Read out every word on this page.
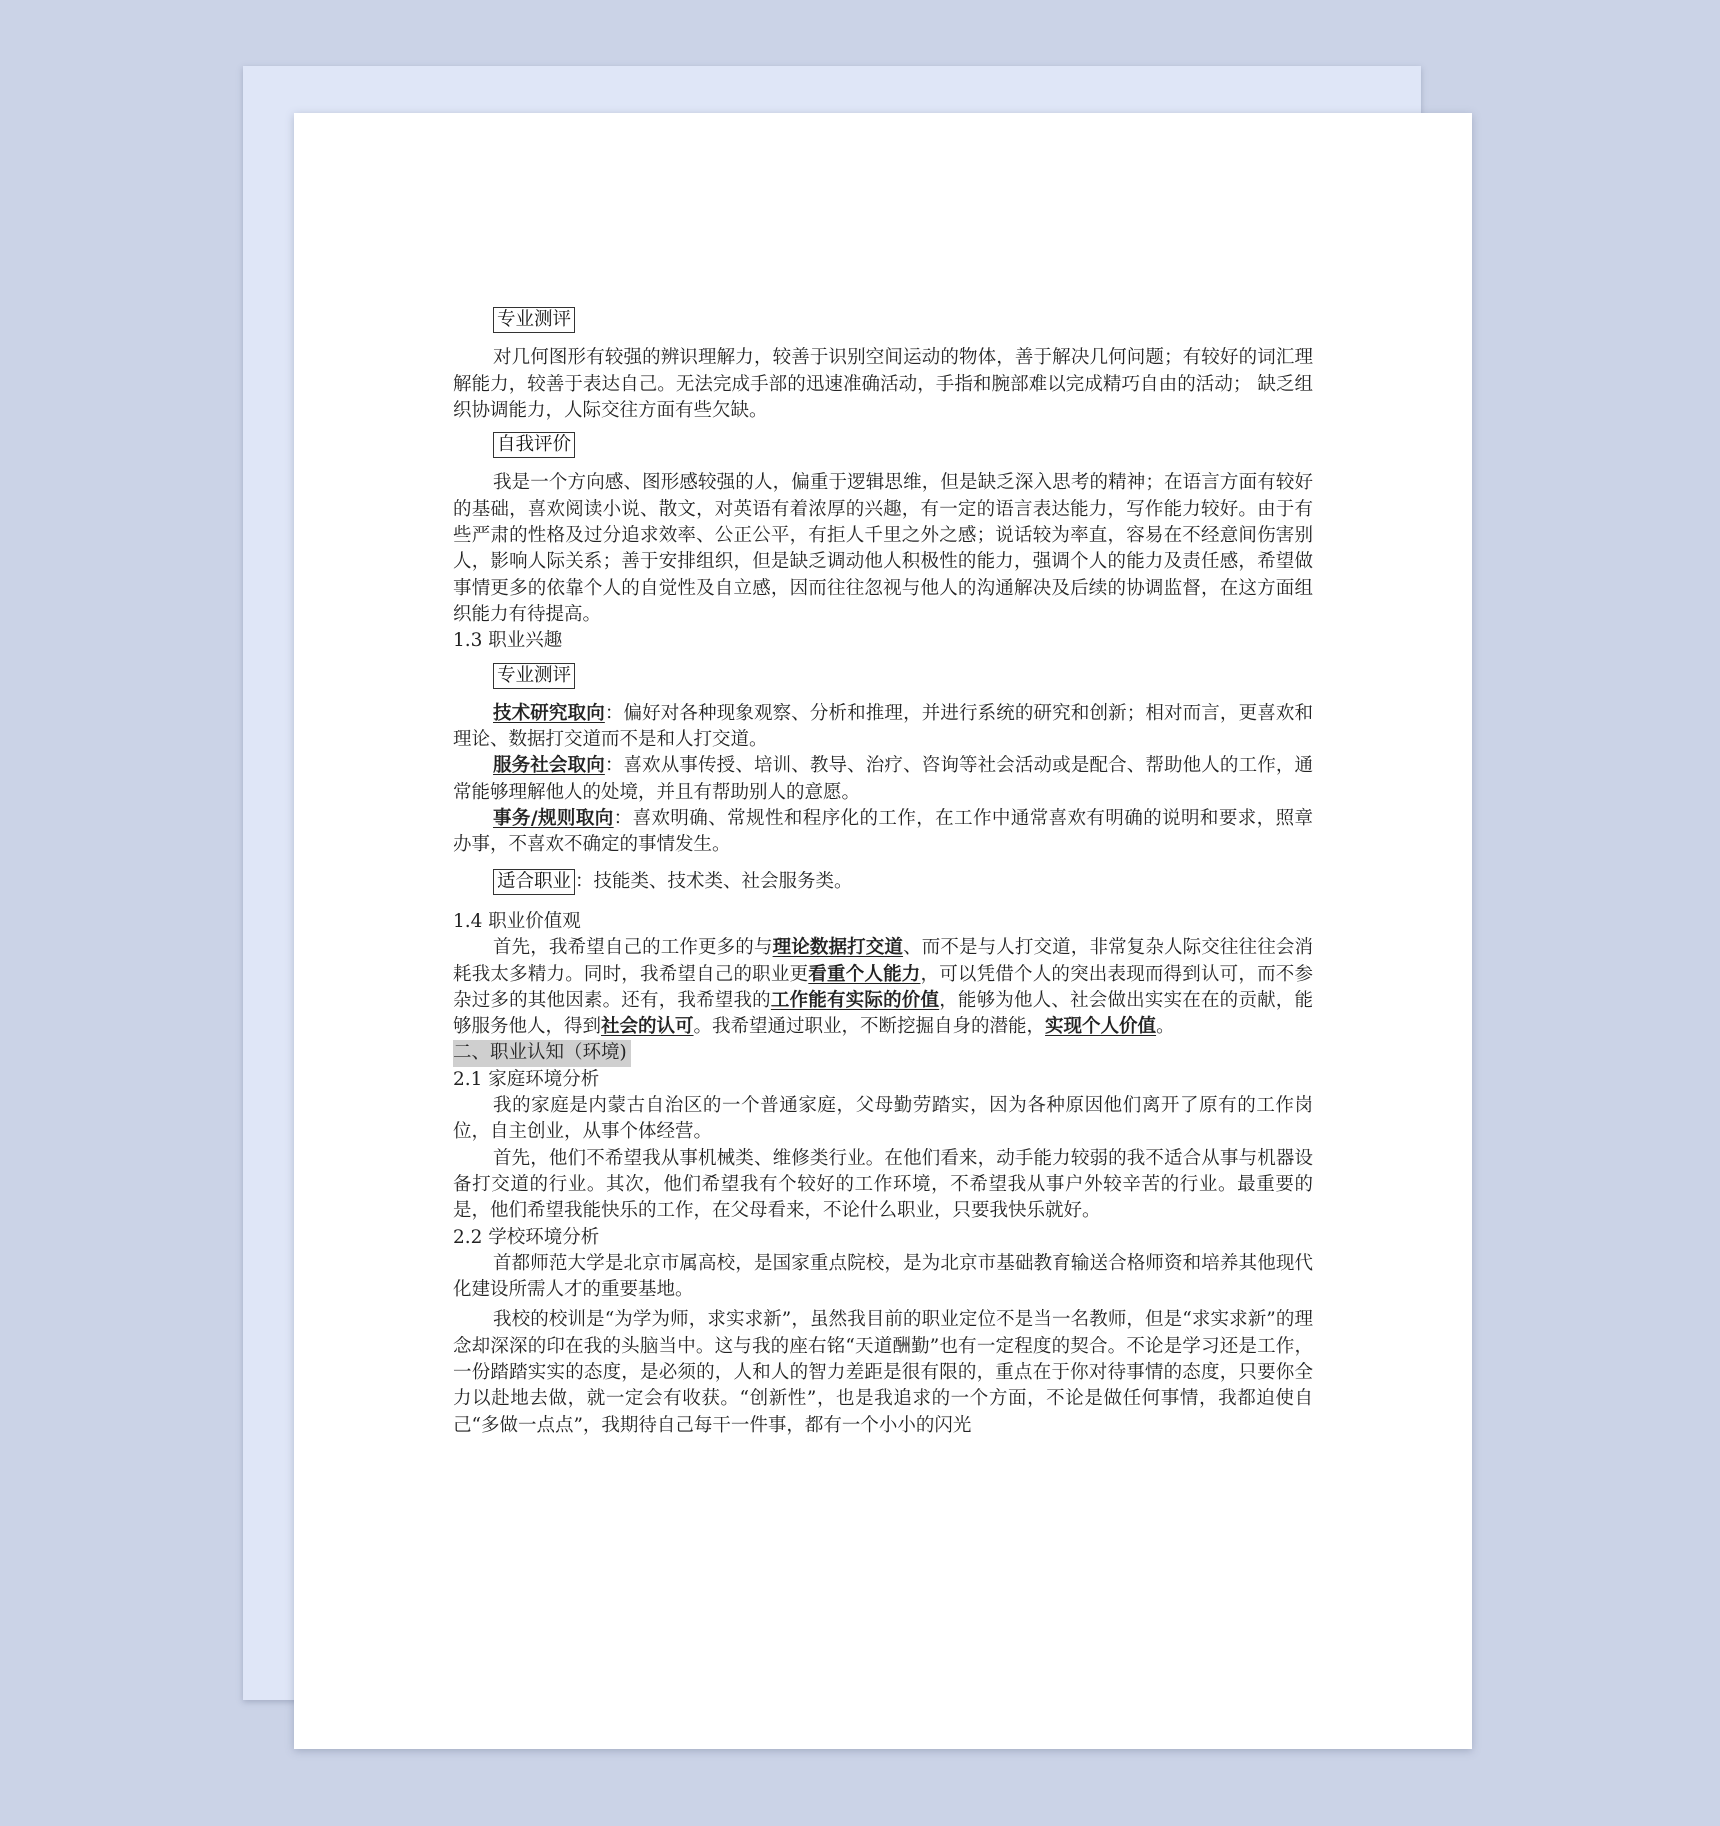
专业测评

对几何图形有较强的辨识理解力，较善于识别空间运动的物体，善于解决几何问题；有较好的词汇理解能力，较善于表达自己。无法完成手部的迅速准确活动，手指和腕部难以完成精巧自由的活动； 缺乏组织协调能力，人际交往方面有些欠缺。

自我评价

我是一个方向感、图形感较强的人，偏重于逻辑思维，但是缺乏深入思考的精神；在语言方面有较好的基础，喜欢阅读小说、散文，对英语有着浓厚的兴趣，有一定的语言表达能力，写作能力较好。由于有些严肃的性格及过分追求效率、公正公平，有拒人千里之外之感；说话较为率直，容易在不经意间伤害别人，影响人际关系；善于安排组织，但是缺乏调动他人积极性的能力，强调个人的能力及责任感，希望做事情更多的依靠个人的自觉性及自立感，因而往往忽视与他人的沟通解决及后续的协调监督，在这方面组织能力有待提高。

1.3 职业兴趣
专业测评

技术研究取向：偏好对各种现象观察、分析和推理，并进行系统的研究和创新；相对而言，更喜欢和理论、数据打交道而不是和人打交道。

服务社会取向：喜欢从事传授、培训、教导、治疗、咨询等社会活动或是配合、帮助他人的工作，通常能够理解他人的处境，并且有帮助别人的意愿。

事务/规则取向：喜欢明确、常规性和程序化的工作，在工作中通常喜欢有明确的说明和要求，照章办事，不喜欢不确定的事情发生。

适合职业 ：技能类、技术类、社会服务类。
1.4 职业价值观

首先，我希望自己的工作更多的与理论数据打交道、而不是与人打交道，非常复杂人际交往往往会消耗我太多精力。同时，我希望自己的职业更看重个人能力，可以凭借个人的突出表现而得到认可，而不参杂过多的其他因素。还有，我希望我的工作能有实际的价值，能够为他人、社会做出实实在在的贡献，能够服务他人，得到社会的认可。我希望通过职业，不断挖掘自身的潜能，实现个人价值。

二、职业认知（环境)
2.1 家庭环境分析

我的家庭是内蒙古自治区的一个普通家庭，父母勤劳踏实，因为各种原因他们离开了原有的工作岗位，自主创业，从事个体经营。

首先，他们不希望我从事机械类、维修类行业。在他们看来，动手能力较弱的我不适合从事与机器设备打交道的行业。其次，他们希望我有个较好的工作环境，不希望我从事户外较辛苦的行业。最重要的是，他们希望我能快乐的工作，在父母看来，不论什么职业，只要我快乐就好。

2.2 学校环境分析

首都师范大学是北京市属高校，是国家重点院校，是为北京市基础教育输送合格师资和培养其他现代化建设所需人才的重要基地。

我校的校训是“为学为师，求实求新”，虽然我目前的职业定位不是当一名教师，但是“求实求新”的理念却深深的印在我的头脑当中。这与我的座右铭“天道酬勤”也有一定程度的契合。不论是学习还是工作，一份踏踏实实的态度，是必须的，人和人的智力差距是很有限的，重点在于你对待事情的态度，只要你全力以赴地去做，就一定会有收获。“创新性”，也是我追求的一个方面，不论是做任何事情，我都迫使自己“多做一点点”，我期待自己每干一件事，都有一个小小的闪光
